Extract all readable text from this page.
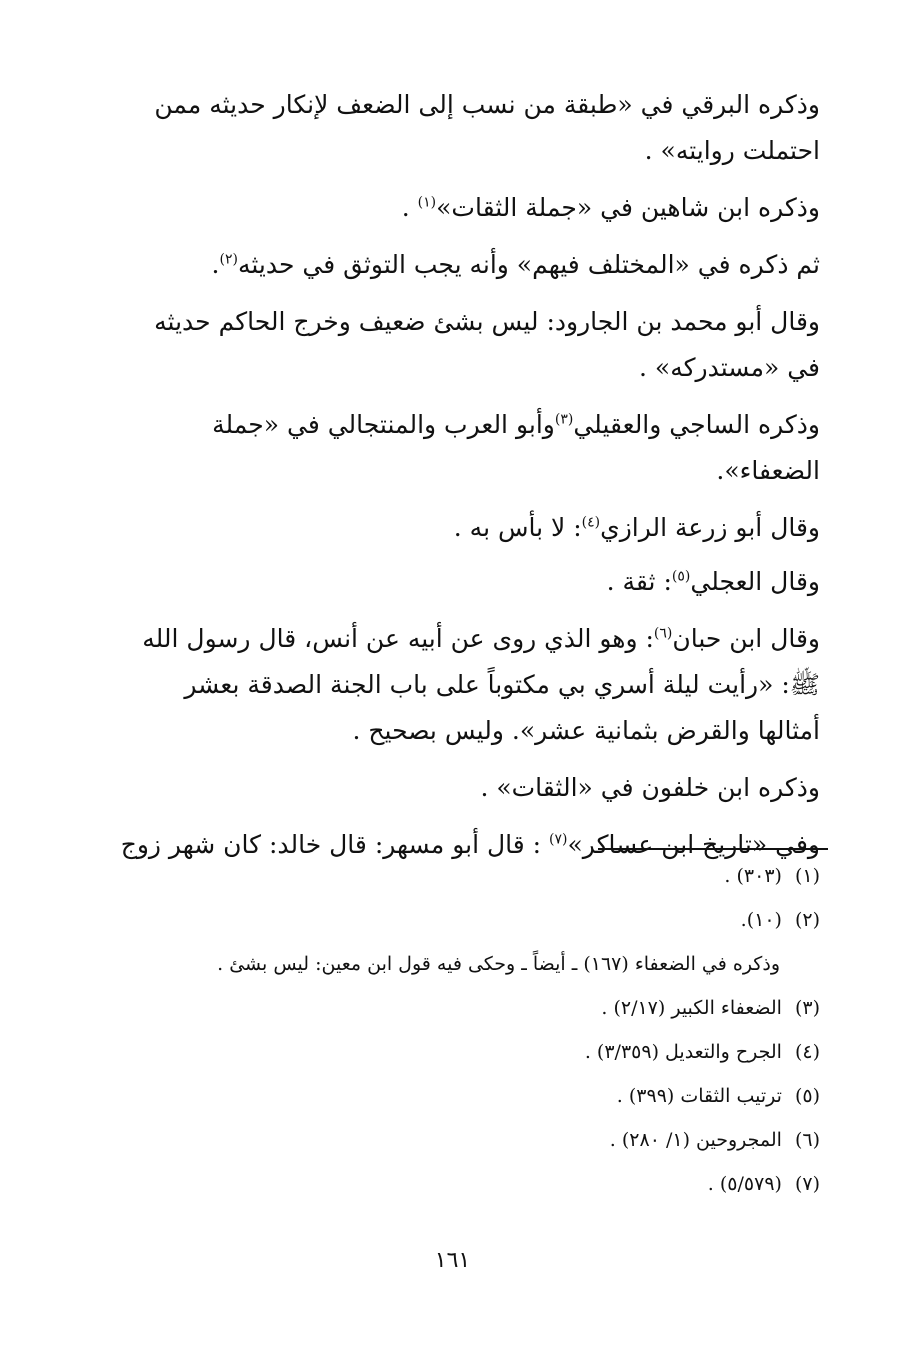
وذكره البرقي في «طبقة من نسب إلى الضعف لإنكار حديثه ممن احتملت روايته» .

وذكره ابن شاهين في «جملة الثقات»$^{(١)}$ .

ثم ذكره في «المختلف فيهم» وأنه يجب التوثق في حديثه$^{(٢)}$.

وقال أبو محمد بن الجارود: ليس بشئ ضعيف وخرج الحاكم حديثه في «مستدركه» .

وذكره الساجي والعقيلي$^{(٣)}$وأبو العرب والمنتجالي في «جملة الضعفاء».

وقال أبو زرعة الرازي$^{(٤)}$: لا بأس به .

وقال العجلي$^{(٥)}$: ثقة .

وقال ابن حبان$^{(٦)}$: وهو الذي روى عن أبيه عن أنس، قال رسول الله ﷺ: «رأيت ليلة أسري بي مكتوباً على باب الجنة الصدقة بعشر أمثالها والقرض بثمانية عشر». وليس بصحيح .

وذكره ابن خلفون في «الثقات» .

وفي «تاريخ ابن عساكر»$^{(٧)}$ : قال أبو مسهر: قال خالد: كان شهر زوج

(١) (٣٠٣) .

(٢) (١٠).

وذكره في الضعفاء (١٦٧) ـ أيضاً ـ وحكى فيه قول ابن معين: ليس بشئ .

(٣) الضعفاء الكبير (٢/١٧) .

(٤) الجرح والتعديل (٣/٣٥٩) .

(٥) ترتيب الثقات (٣٩٩) .

(٦) المجروحين (١/ ٢٨٠) .

(٧) (٥/٥٧٩) .

١٦١
